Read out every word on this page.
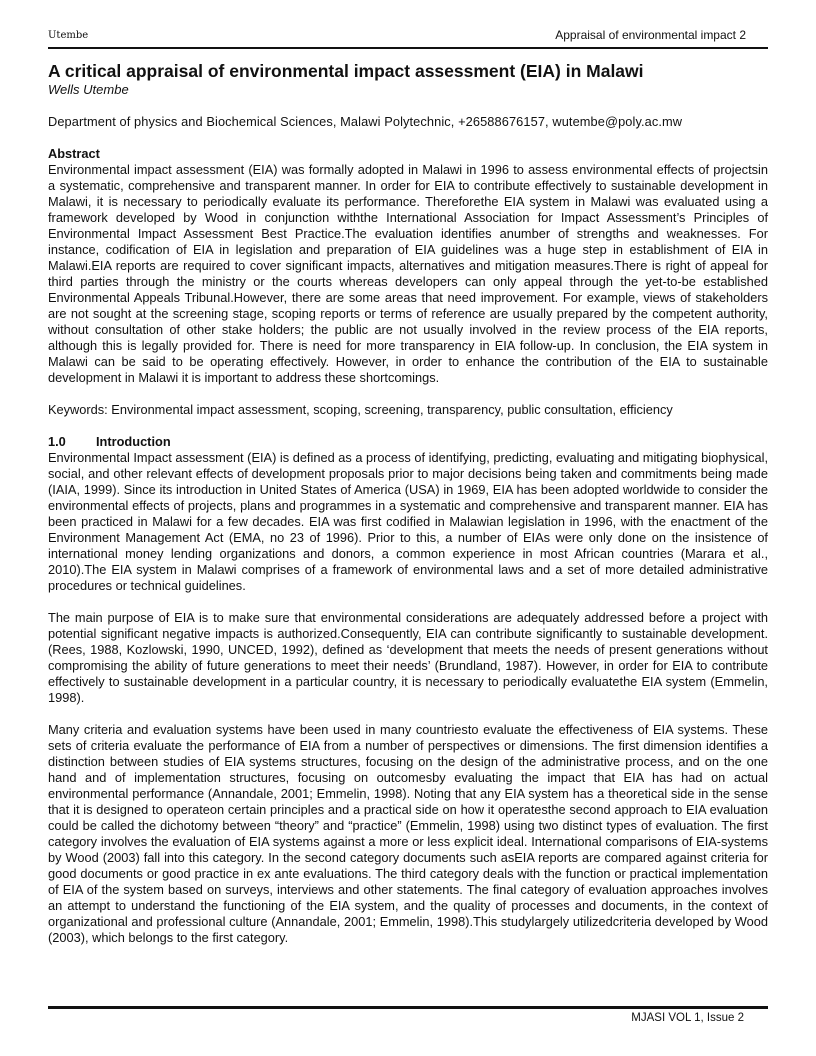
Utembe	Appraisal of environmental impact 2
A critical appraisal of environmental impact assessment (EIA) in Malawi
Wells Utembe
Department of physics and Biochemical Sciences, Malawi Polytechnic, +26588676157, wutembe@poly.ac.mw
Abstract

Environmental impact assessment (EIA) was formally adopted in Malawi in 1996 to assess environmental effects of projectsin a systematic, comprehensive and transparent manner. In order for EIA to contribute effectively to sustainable development in Malawi, it is necessary to periodically evaluate its performance. Thereforethe EIA system in Malawi was evaluated using a framework developed by Wood in conjunction withthe International Association for Impact Assessment’s Principles of Environmental Impact Assessment Best Practice.The evaluation identifies anumber of strengths and weaknesses. For instance, codification of EIA in legislation and preparation of EIA guidelines was a huge step in establishment of EIA in Malawi.EIA reports are required to cover significant impacts, alternatives and mitigation measures.There is right of appeal for third parties through the ministry or the courts whereas developers can only appeal through the yet-to-be established Environmental Appeals Tribunal.However, there are some areas that need improvement. For example, views of stakeholders are not sought at the screening stage, scoping reports or terms of reference are usually prepared by the competent authority, without consultation of other stake holders; the public are not usually involved in the review process of the EIA reports, although this is legally provided for. There is need for more transparency in EIA follow-up. In conclusion, the EIA system in Malawi can be said to be operating effectively. However, in order to enhance the contribution of the EIA to sustainable development in Malawi it is important to address these shortcomings.

Keywords: Environmental impact assessment, scoping, screening, transparency, public consultation, efficiency

1.0 Introduction

Environmental Impact assessment (EIA) is defined as a process of identifying, predicting, evaluating and mitigating biophysical, social, and other relevant effects of development proposals prior to major decisions being taken and commitments being made (IAIA, 1999). Since its introduction in United States of America (USA) in 1969, EIA has been adopted worldwide to consider the environmental effects of projects, plans and programmes in a systematic and comprehensive and transparent manner. EIA has been practiced in Malawi for a few decades. EIA was first codified in Malawian legislation in 1996, with the enactment of the Environment Management Act (EMA, no 23 of 1996). Prior to this, a number of EIAs were only done on the insistence of international money lending organizations and donors, a common experience in most African countries (Marara et al., 2010).The EIA system in Malawi comprises of a framework of environmental laws and a set of more detailed administrative procedures or technical guidelines.

The main purpose of EIA is to make sure that environmental considerations are adequately addressed before a project with potential significant negative impacts is authorized.Consequently, EIA can contribute significantly to sustainable development.(Rees, 1988, Kozlowski, 1990, UNCED, 1992), defined as ‘development that meets the needs of present generations without compromising the ability of future generations to meet their needs’ (Brundland, 1987). However, in order for EIA to contribute effectively to sustainable development in a particular country, it is necessary to periodically evaluatethe EIA system (Emmelin, 1998).

Many criteria and evaluation systems have been used in many countriesto evaluate the effectiveness of EIA systems. These sets of criteria evaluate the performance of EIA from a number of perspectives or dimensions. The first dimension identifies a distinction between studies of EIA systems structures, focusing on the design of the administrative process, and on the one hand and of implementation structures, focusing on outcomesby evaluating the impact that EIA has had on actual environmental performance (Annandale, 2001; Emmelin, 1998). Noting that any EIA system has a theoretical side in the sense that it is designed to operateon certain principles and a practical side on how it operatesthe second approach to EIA evaluation could be called the dichotomy between “theory” and “practice” (Emmelin, 1998) using two distinct types of evaluation. The first category involves the evaluation of EIA systems against a more or less explicit ideal. International comparisons of EIA-systems by Wood (2003) fall into this category. In the second category documents such asEIA reports are compared against criteria for good documents or good practice in ex ante evaluations. The third category deals with the function or practical implementation of EIA of the system based on surveys, interviews and other statements. The final category of evaluation approaches involves an attempt to understand the functioning of the EIA system, and the quality of processes and documents, in the context of organizational and professional culture (Annandale, 2001; Emmelin, 1998).This studylargely utilizedcriteria developed by Wood (2003), which belongs to the first category.

MJASI VOL 1, Issue 2
